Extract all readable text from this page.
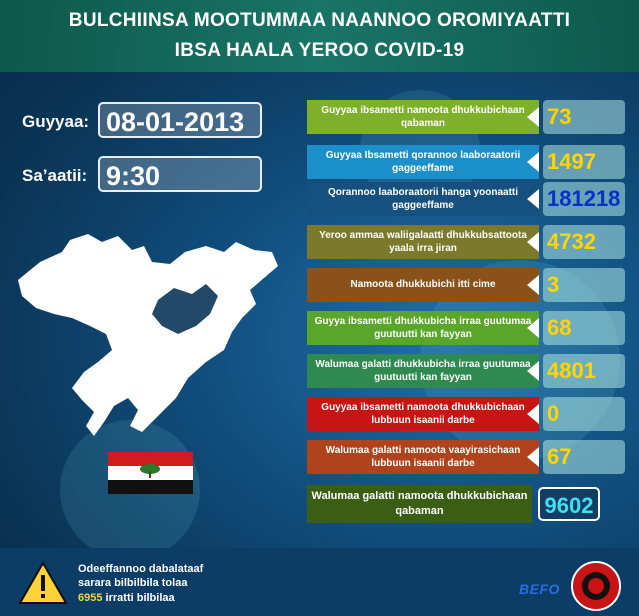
BULCHIINSA MOOTUMMAA NAANNOO OROMIYAATTI
IBSA HAALA YEROO COVID-19
Guyyaa: 08-01-2013
Sa’aatii: 9:30
Guyyaa ibsametti namoota dhukkubichaan qabaman	73
Guyyaa Ibsametti qorannoo laaboraatorii gaggeeffame	1497
Qorannoo laaboraatorii hanga yoonaatti gaggeeffame	181218
Yeroo ammaa waliigalaatti dhukkubsattoota yaala irra jiran	4732
Namoota dhukkubichi itti cime	3
Guyya ibsametti dhukkubicha irraa guutumaa guutuutti kan fayyan	68
Walumaa galatti dhukkubicha irraa guutumaa guutuutti kan fayyan	4801
Guyyaa ibsametti namoota dhukkubichaan lubbuun isaanii darbe	0
Walumaa galatti namoota vaayirasichaan lubbuun isaanii darbe	67
Walumaa galatti namoota dhukkubichaan qabaman	9602
Odeeffannoo dabalataaf
sarara bilbilbila tolaa
6955 irratti bilbilaa
BEFO
